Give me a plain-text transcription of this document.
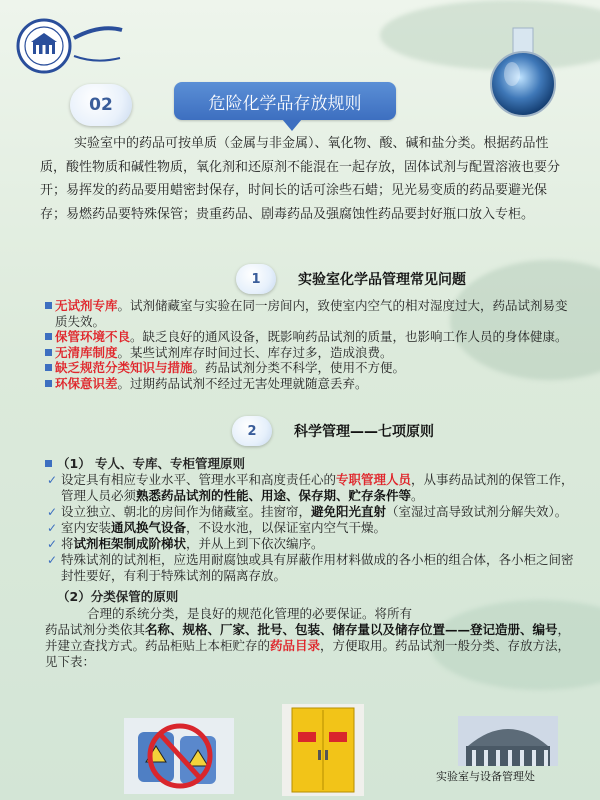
02	危险化学品存放规则

实验室中的药品可按单质（金属与非金属）、氧化物、酸、碱和盐分类。根据药品性质，酸性物质和碱性物质，氧化剂和还原剂不能混在一起存放，固体试剂与配置溶液也要分开；易挥发的药品要用蜡密封保存，时间长的话可涂些石蜡；见光易变质的药品要避光保存；易燃药品要特殊保管；贵重药品、剧毒药品及强腐蚀性药品要封好瓶口放入专柜。

1	实验室化学品管理常见问题
无试剂专库。试剂储藏室与实验在同一房间内，致使室内空气的相对湿度过大，药品试剂易变质失效。
保管环境不良。缺乏良好的通风设备，既影响药品试剂的质量，也影响工作人员的身体健康。
无清库制度。某些试剂库存时间过长、库存过多，造成浪费。
缺乏规范分类知识与措施。药品试剂分类不科学，使用不方便。
环保意识差。过期药品试剂不经过无害处理就随意丢弃。
2	科学管理——七项原则
（1） 专人、专库、专柜管理原则
✓ 设定具有相应专业水平、管理水平和高度责任心的专职管理人员，从事药品试剂的保管工作，管理人员必须熟悉药品试剂的性能、用途、保存期、贮存条件等。
✓ 设立独立、朝北的房间作为储藏室。挂窗帘，避免阳光直射（室湿过高导致试剂分解失效）。
✓ 室内安装通风换气设备，不设水池，以保证室内空气干燥。
✓ 将试剂柜架制成阶梯状，并从上到下依次编序。
✓ 特殊试剂的试剂柜，应选用耐腐蚀或具有屏蔽作用材料做成的各小柜的组合体，各小柜之间密封性要好，有利于特殊试剂的隔离存放。
（2）分类保管的原则

合理的系统分类，是良好的规范化管理的必要保证。将所有

药品试剂分类依其名称、规格、厂家、批号、包装、储存量以及储存位置——登记造册、编号，并建立查找方式。药品柜贴上本柜贮存的药品目录，方便取用。药品试剂一般分类、存放方法，见下表：

实验室与设备管理处
